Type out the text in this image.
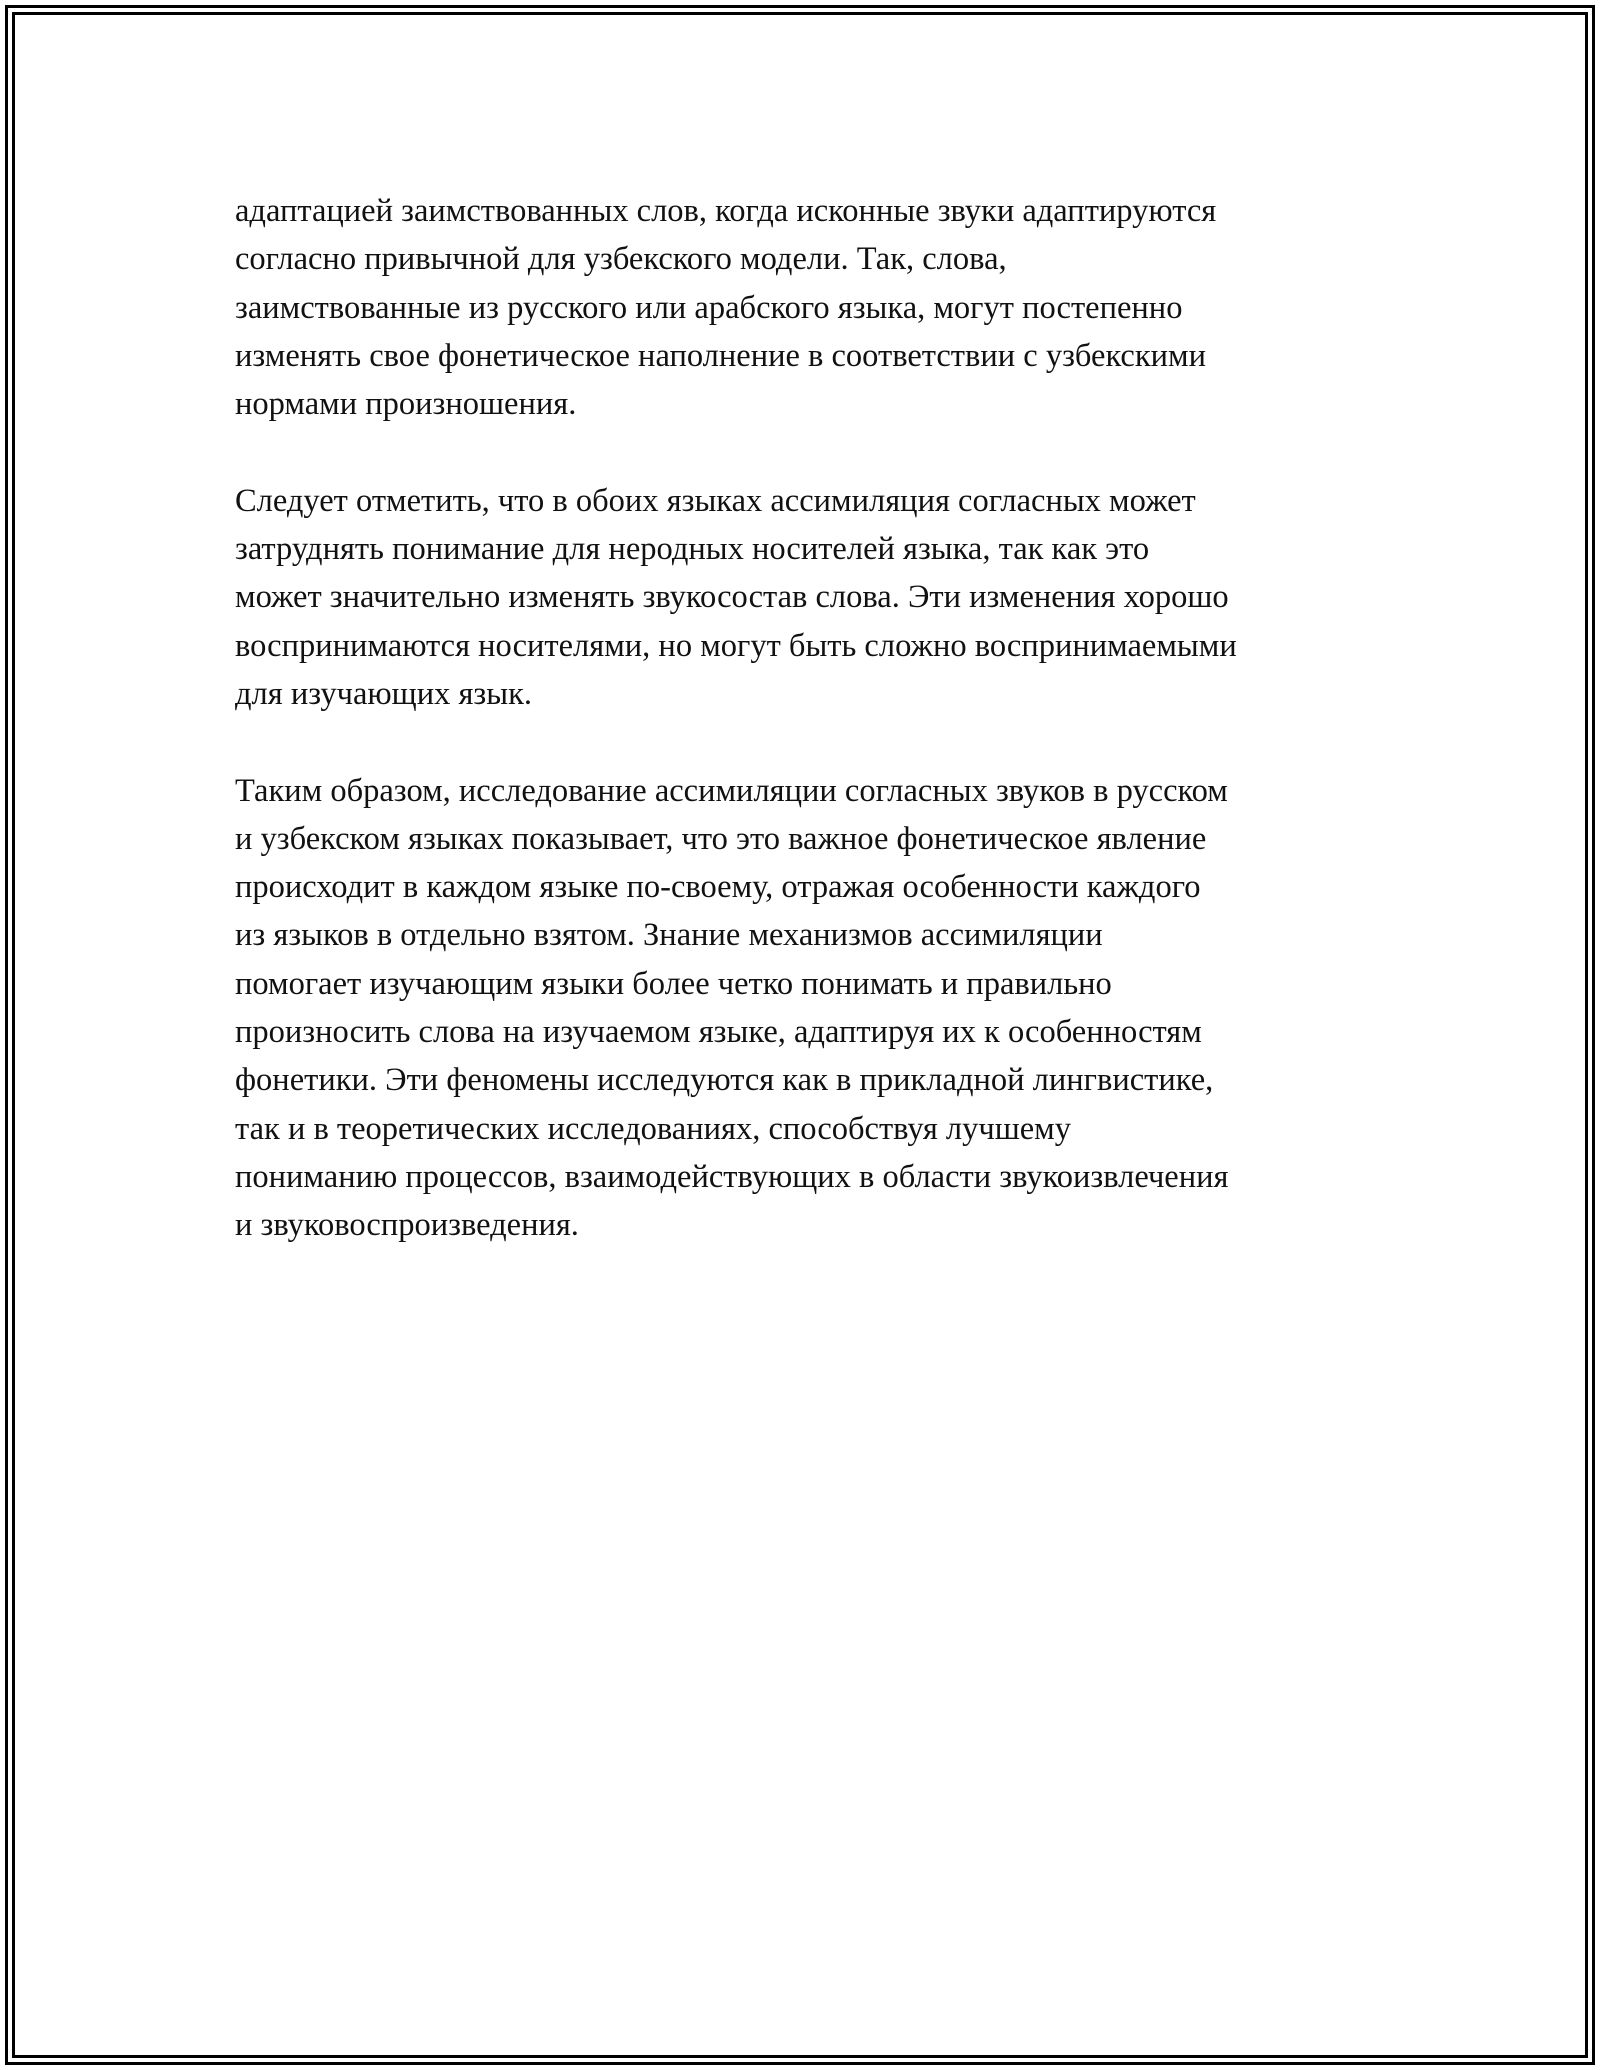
адаптацией заимствованных слов, когда исконные звуки адаптируются
согласно привычной для узбекского модели. Так, слова,
заимствованные из русского или арабского языка, могут постепенно
изменять свое фонетическое наполнение в соответствии с узбекскими
нормами произношения.

Следует отметить, что в обоих языках ассимиляция согласных может
затруднять понимание для неродных носителей языка, так как это
может значительно изменять звукосостав слова. Эти изменения хорошо
воспринимаются носителями, но могут быть сложно воспринимаемыми
для изучающих язык.

Таким образом, исследование ассимиляции согласных звуков в русском
и узбекском языках показывает, что это важное фонетическое явление
происходит в каждом языке по-своему, отражая особенности каждого
из языков в отдельно взятом. Знание механизмов ассимиляции
помогает изучающим языки более четко понимать и правильно
произносить слова на изучаемом языке, адаптируя их к особенностям
фонетики. Эти феномены исследуются как в прикладной лингвистике,
так и в теоретических исследованиях, способствуя лучшему
пониманию процессов, взаимодействующих в области звукоизвлечения
и звуковоспроизведения.
